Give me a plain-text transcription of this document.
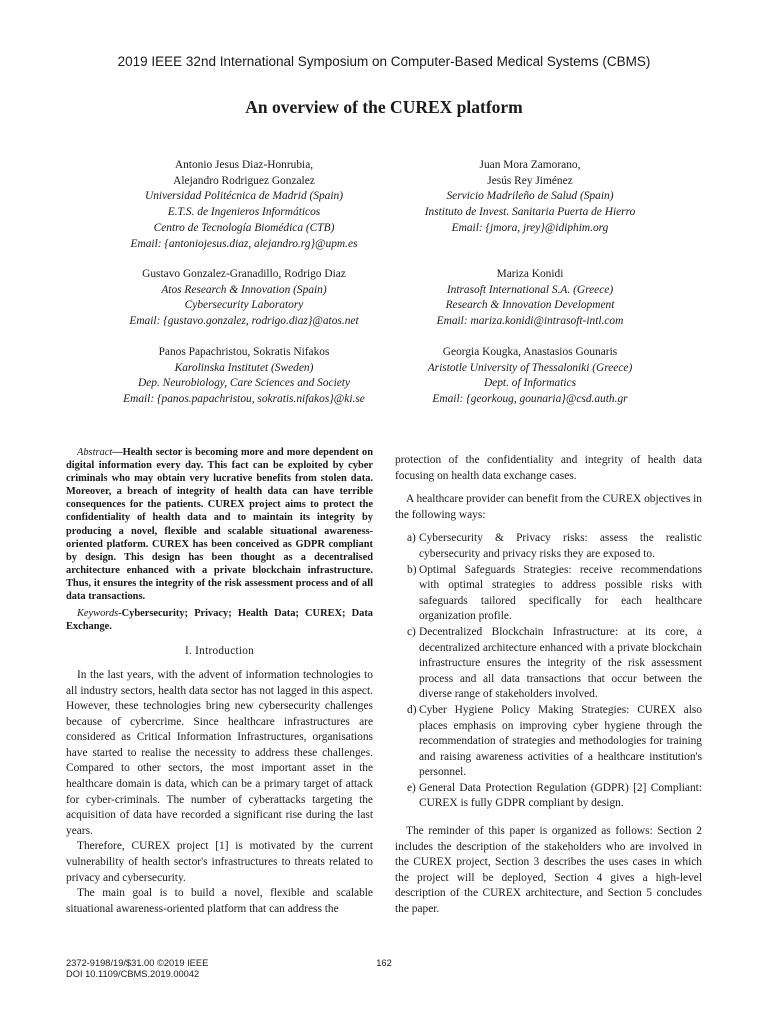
2019 IEEE 32nd International Symposium on Computer-Based Medical Systems (CBMS)
An overview of the CUREX platform
Antonio Jesus Diaz-Honrubia,
Alejandro Rodriguez Gonzalez
Universidad Politécnica de Madrid (Spain)
E.T.S. de Ingenieros Informáticos
Centro de Tecnología Biomédica (CTB)
Email: {antoniojesus.diaz, alejandro.rg}@upm.es
Juan Mora Zamorano,
Jesús Rey Jiménez
Servicio Madrileño de Salud (Spain)
Instituto de Invest. Sanitaria Puerta de Hierro
Email: {jmora, jrey}@idiphim.org
Gustavo Gonzalez-Granadillo, Rodrigo Diaz
Atos Research & Innovation (Spain)
Cybersecurity Laboratory
Email: {gustavo.gonzalez, rodrigo.diaz}@atos.net
Mariza Konidi
Intrasoft International S.A. (Greece)
Research & Innovation Development
Email: mariza.konidi@intrasoft-intl.com
Panos Papachristou, Sokratis Nifakos
Karolinska Institutet (Sweden)
Dep. Neurobiology, Care Sciences and Society
Email: {panos.papachristou, sokratis.nifakos}@ki.se
Georgia Kougka, Anastasios Gounaris
Aristotle University of Thessaloniki (Greece)
Dept. of Informatics
Email: {georkoug, gounaria}@csd.auth.gr

Abstract—Health sector is becoming more and more dependent on digital information every day. This fact can be exploited by cyber criminals who may obtain very lucrative benefits from stolen data. Moreover, a breach of integrity of health data can have terrible consequences for the patients. CUREX project aims to protect the confidentiality of health data and to maintain its integrity by producing a novel, flexible and scalable situational awareness-oriented platform. CUREX has been conceived as GDPR compliant by design. This design has been thought as a decentralised architecture enhanced with a private blockchain infrastructure. Thus, it ensures the integrity of the risk assessment process and of all data transactions.

Keywords-Cybersecurity; Privacy; Health Data; CUREX; Data Exchange.

I. Introduction

In the last years, with the advent of information technologies to all industry sectors, health data sector has not lagged in this aspect. However, these technologies bring new cybersecurity challenges because of cybercrime. Since healthcare infrastructures are considered as Critical Information Infrastructures, organisations have started to realise the necessity to address these challenges. Compared to other sectors, the most important asset in the healthcare domain is data, which can be a primary target of attack for cyber-criminals. The number of cyberattacks targeting the acquisition of data have recorded a significant rise during the last years.

Therefore, CUREX project [1] is motivated by the current vulnerability of health sector's infrastructures to threats related to privacy and cybersecurity.

The main goal is to build a novel, flexible and scalable situational awareness-oriented platform that can address the

protection of the confidentiality and integrity of health data focusing on health data exchange cases.

A healthcare provider can benefit from the CUREX objectives in the following ways:

a) Cybersecurity & Privacy risks: assess the realistic cybersecurity and privacy risks they are exposed to.
b) Optimal Safeguards Strategies: receive recommendations with optimal strategies to address possible risks with safeguards tailored specifically for each healthcare organization profile.
c) Decentralized Blockchain Infrastructure: at its core, a decentralized architecture enhanced with a private blockchain infrastructure ensures the integrity of the risk assessment process and all data transactions that occur between the diverse range of stakeholders involved.
d) Cyber Hygiene Policy Making Strategies: CUREX also places emphasis on improving cyber hygiene through the recommendation of strategies and methodologies for training and raising awareness activities of a healthcare institution's personnel.
e) General Data Protection Regulation (GDPR) [2] Compliant: CUREX is fully GDPR compliant by design.

The reminder of this paper is organized as follows: Section 2 includes the description of the stakeholders who are involved in the CUREX project, Section 3 describes the uses cases in which the project will be deployed, Section 4 gives a high-level description of the CUREX architecture, and Section 5 concludes the paper.

2372-9198/19/$31.00 ©2019 IEEE
DOI 10.1109/CBMS.2019.00042
162
